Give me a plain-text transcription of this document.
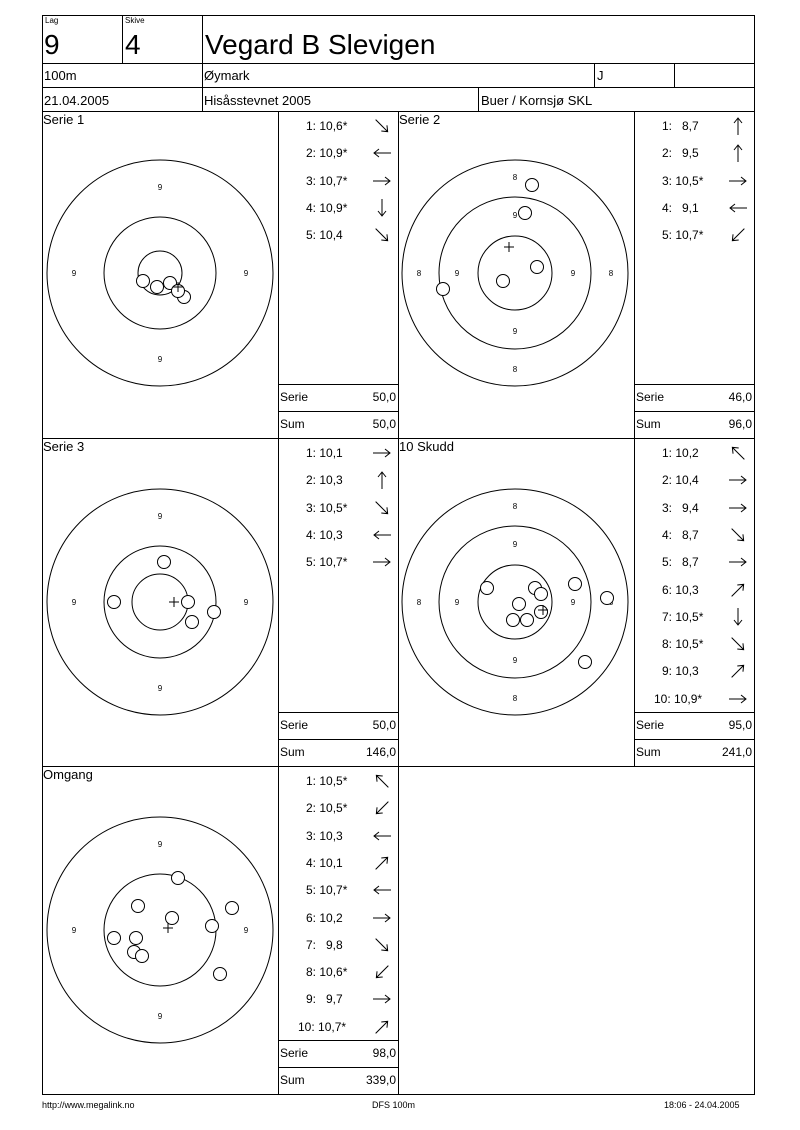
Lag
9
Skive
4 Vegard B Slevigen
100m	Øymark	J
21.04.2005	Hisåsstevnet 2005	Buer / Kornsjø SKL
Serie 1
9
9
9	9
1: 10,6*
2: 10,9*
3: 10,7*
4: 10,9*
5: 10,4
Serie	50,0
Sum	50,0
Serie 2
8
8
8	8
9
9
9	9
1:   8,7
2:   9,5
3: 10,5*
4:   9,1
5: 10,7*
Serie	46,0
Sum	96,0
Serie 3
9
9
9	9
1: 10,1
2: 10,3
3: 10,5*
4: 10,3
5: 10,7*
Serie	50,0
Sum	146,0
10 Skudd
8
8
8
9
9
9	9
1: 10,2
2: 10,4
3:   9,4
4:   8,7
5:   8,7
6: 10,3
7: 10,5*
8: 10,5*
9: 10,3
10: 10,9*
Serie	95,0
Sum	241,0
Omgang
9
9
9	9
1: 10,5*
2: 10,5*
3: 10,3
4: 10,1
5: 10,7*
6: 10,2
7:   9,8
8: 10,6*
9:   9,7
10: 10,7*
Serie	98,0
Sum	339,0
http://www.megalink.no	DFS 100m	18:06 - 24.04.2005
